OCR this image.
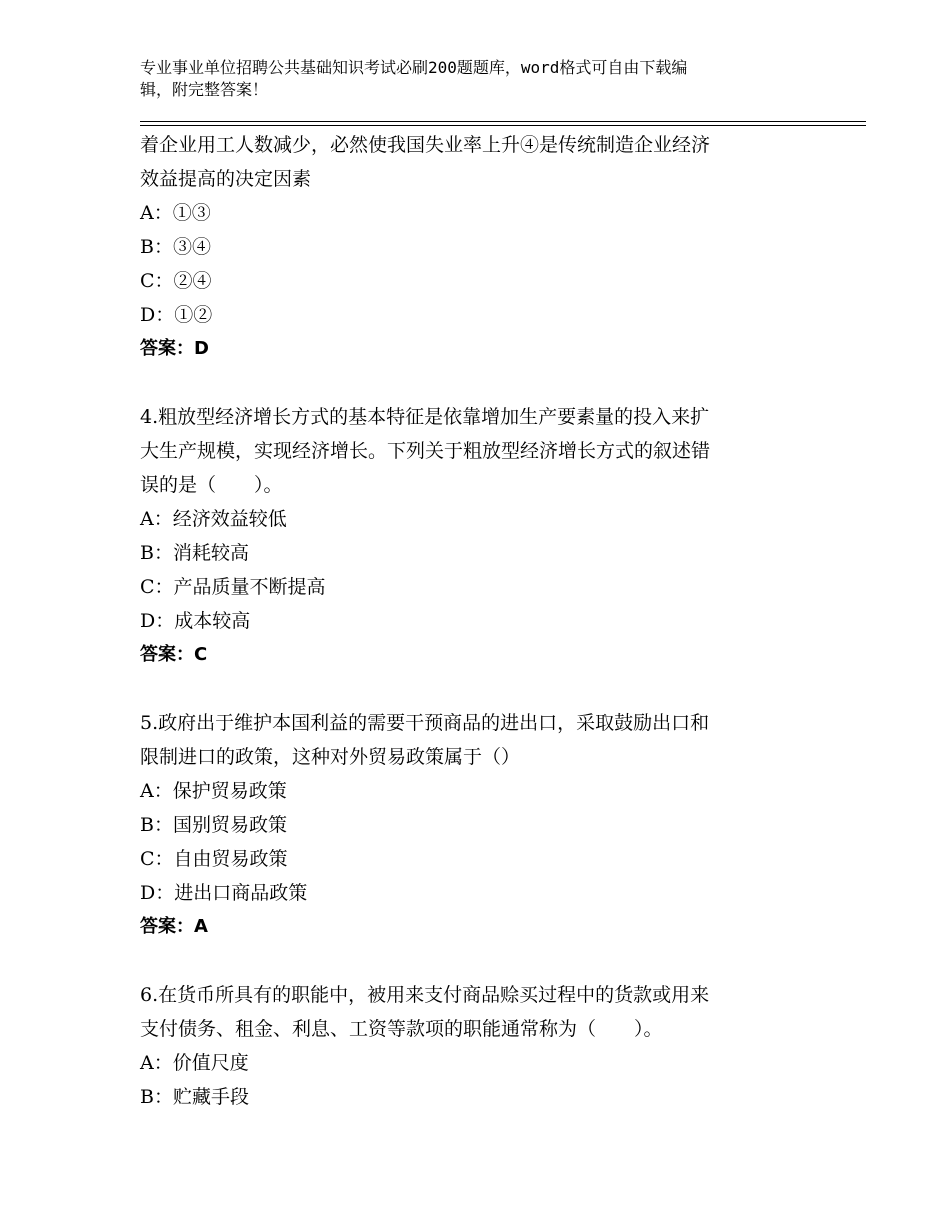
专业事业单位招聘公共基础知识考试必刷200题题库，word格式可自由下载编
辑，附完整答案！
着企业用工人数减少，必然使我国失业率上升④是传统制造企业经济
效益提高的决定因素
A：①③
B：③④
C：②④
D：①②
答案：D
4.粗放型经济增长方式的基本特征是依靠增加生产要素量的投入来扩
大生产规模，实现经济增长。下列关于粗放型经济增长方式的叙述错
误的是（　　）。
A：经济效益较低
B：消耗较高
C：产品质量不断提高
D：成本较高
答案：C
5.政府出于维护本国利益的需要干预商品的进出口，采取鼓励出口和
限制进口的政策，这种对外贸易政策属于（）
A：保护贸易政策
B：国别贸易政策
C：自由贸易政策
D：进出口商品政策
答案：A
6.在货币所具有的职能中，被用来支付商品赊买过程中的货款或用来
支付债务、租金、利息、工资等款项的职能通常称为（　　）。
A：价值尺度
B：贮藏手段
